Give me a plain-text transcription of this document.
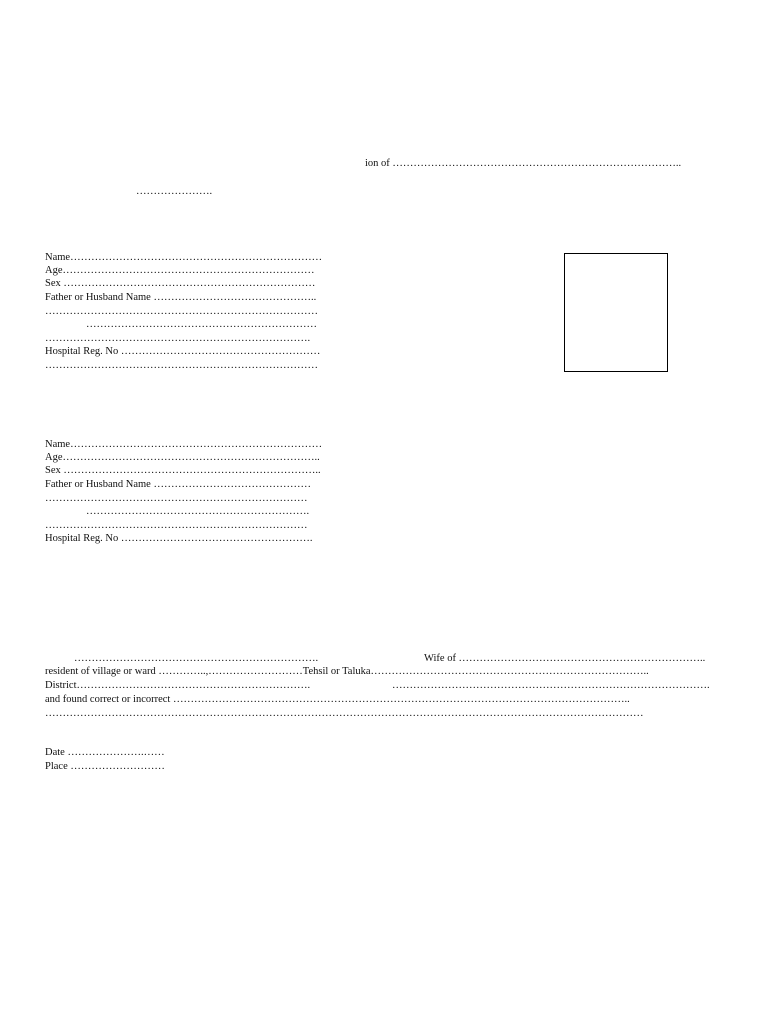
ion of ………………………………………………………………………..
………………….
Name………………………………………………………………
Age………………………………………………………………
Sex ………………………………………………………………
Father or Husband Name ………………………………………..
……………………………………………………………………
…………………………………………………………
………………………………………………………………….
Hospital Reg. No …………………………………………………
……………………………………………………………………
Name………………………………………………………………
Age………………………………………………………………..
Sex ………………………………………………………………..
Father or Husband Name ………………………………………
…………………………………………………………………
……………………………………………………….
…………………………………………………………………
Hospital Reg. No ……………………………………………….
…………………………………………………………….	Wife of ……………………………………………………………..
resident of village or ward …………..,………………………Tehsil or Taluka……………………………………………………………………..
District………………………………………………………….	……………………………………………………………………………….
and found correct or incorrect …………………………………………………………………………………………………………………..
………………………………………………………………………………………………………………………………………………………
Date ………………….……
Place ………………………
